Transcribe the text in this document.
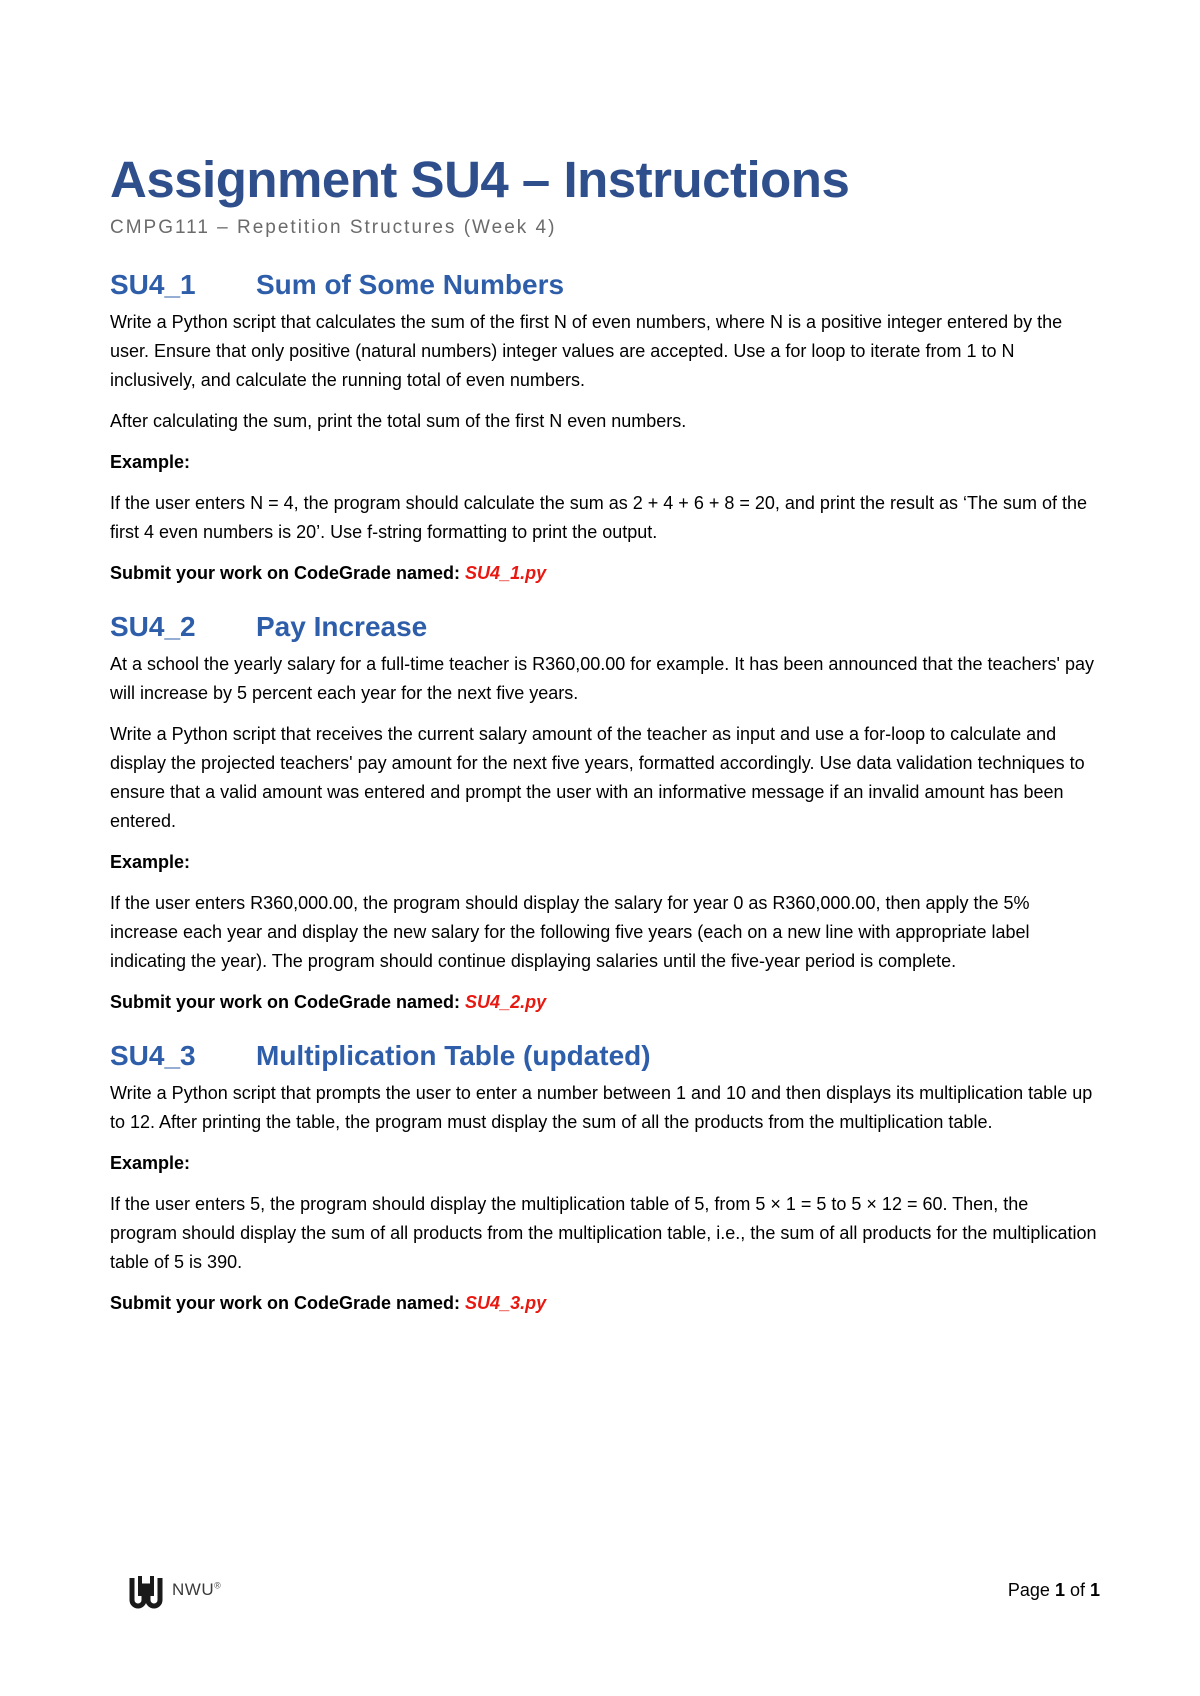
Assignment SU4 – Instructions

CMPG111 – Repetition Structures (Week 4)

SU4_1	Sum of Some Numbers

Write a Python script that calculates the sum of the first N of even numbers, where N is a positive integer entered by the user. Ensure that only positive (natural numbers) integer values are accepted. Use a for loop to iterate from 1 to N inclusively, and calculate the running total of even numbers.

After calculating the sum, print the total sum of the first N even numbers.

Example:

If the user enters N = 4, the program should calculate the sum as 2 + 4 + 6 + 8 = 20, and print the result as ‘The sum of the first 4 even numbers is 20’. Use f-string formatting to print the output.

Submit your work on CodeGrade named: SU4_1.py

SU4_2	Pay Increase

At a school the yearly salary for a full-time teacher is R360,00.00 for example. It has been announced that the teachers' pay will increase by 5 percent each year for the next five years.

Write a Python script that receives the current salary amount of the teacher as input and use a for-loop to calculate and display the projected teachers' pay amount for the next five years, formatted accordingly. Use data validation techniques to ensure that a valid amount was entered and prompt the user with an informative message if an invalid amount has been entered.

Example:

If the user enters R360,000.00, the program should display the salary for year 0 as R360,000.00, then apply the 5% increase each year and display the new salary for the following five years (each on a new line with appropriate label indicating the year). The program should continue displaying salaries until the five-year period is complete.

Submit your work on CodeGrade named: SU4_2.py

SU4_3	Multiplication Table (updated)

Write a Python script that prompts the user to enter a number between 1 and 10 and then displays its multiplication table up to 12. After printing the table, the program must display the sum of all the products from the multiplication table.

Example:

If the user enters 5, the program should display the multiplication table of 5, from 5 × 1 = 5 to 5 × 12 = 60. Then, the program should display the sum of all products from the multiplication table, i.e., the sum of all products for the multiplication table of 5 is 390.

Submit your work on CodeGrade named: SU4_3.py

NWU®	Page 1 of 1
